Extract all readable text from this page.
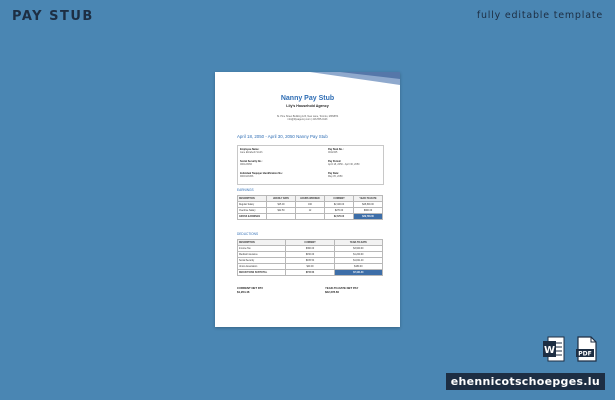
PAY STUB	fully editable template
Nanny Pay Stub
Lily's Household Agency
St. Pine Street Building 123, New Lane, Toronto, M3N8H4
info@lilysagency.com | 416-555-0123
April 18, 2050 - April 30, 2050 Nanny Pay Stub
Employee Name:
Jane Elizabeth Smith
Pay Stub No.:
0012345
Social Security No.:
000123456
Pay Period:
April 18, 2050 - April 30, 2050
Individual Taxpayer Identification No.:
9000123456
Pay Date:
May 05, 2050
EARNINGS
DESCRIPTION	HOURLY RATE	HOURS WORKED	CURRENT	YEAR-TO-DATE
Regular Salary	$15.00	160	$2,400.00	$28,800.00
Overtime Salary	$22.50	12	$270.00	$900.00
GROSS EARNINGS			$2,670.00	$29,700.00
DEDUCTIONS
DESCRIPTION	CURRENT	YEAR-TO-DATE
Income Tax	$360.00	$3,900.00
Medical Insurance	$150.00	$1,200.00
Social Security	$165.54	$1,841.40
Union Association	$40.00	$480.00
DEDUCTIONS SUBTOTAL	$715.54	$7,421.40
CURRENT NET PAY
$1,954.46
YEAR-TO-DATE NET PAY
$22,278.60
W	PDF
ehennicotschoepges.lu
